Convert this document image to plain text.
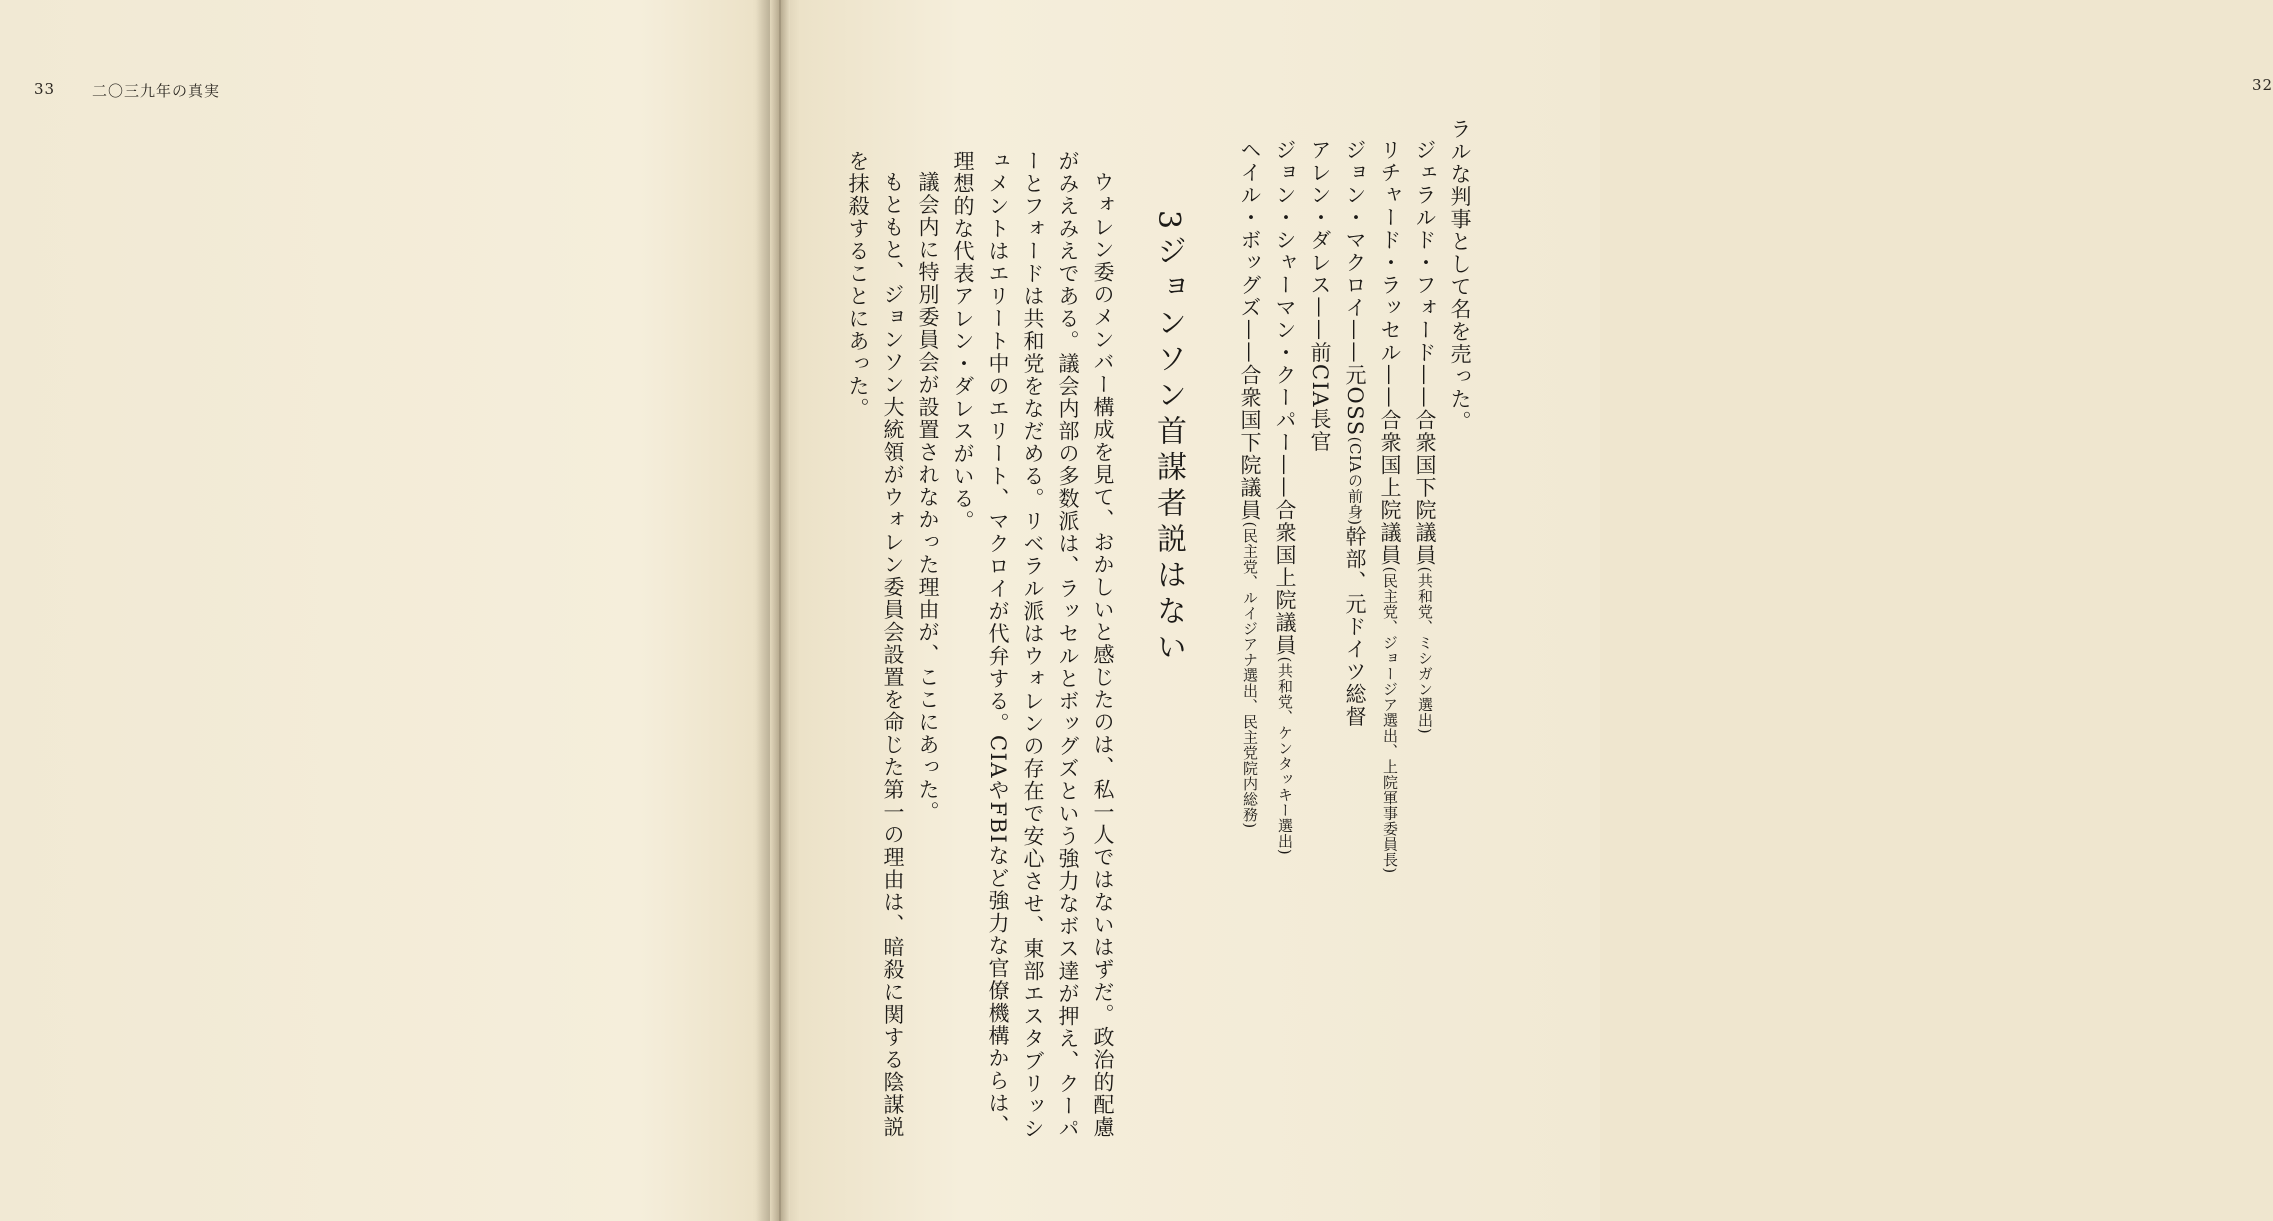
33 二〇三九年の真実	32

ラルな判事として名を売った。

ジェラルド・フォード——合衆国下院議員(共和党、ミシガン選出)

リチャード・ラッセル——合衆国上院議員(民主党、ジョージア選出、上院軍事委員長)

ジョン・マクロイ——元OSS(CIAの前身)幹部、元ドイツ総督

アレン・ダレス——前CIA長官

ジョン・シャーマン・クーパー——合衆国上院議員(共和党、ケンタッキー選出)

ヘイル・ボッグズ——合衆国下院議員(民主党、ルイジアナ選出、民主党院内総務)

3ジョンソン首謀者説はない

ウォレン委のメンバー構成を見て、おかしいと感じたのは、私一人ではないはずだ。政治的配慮がみえみえである。議会内部の多数派は、ラッセルとボッグズという強力なボス達が押え、クーパーとフォードは共和党をなだめる。リベラル派はウォレンの存在で安心させ、東部エスタブリッシュメントはエリート中のエリート、マクロイが代弁する。CIAやFBIなど強力な官僚機構からは、理想的な代表アレン・ダレスがいる。

議会内に特別委員会が設置されなかった理由が、ここにあった。

もともと、ジョンソン大統領がウォレン委員会設置を命じた第一の理由は、暗殺に関する陰謀説を抹殺することにあった。
